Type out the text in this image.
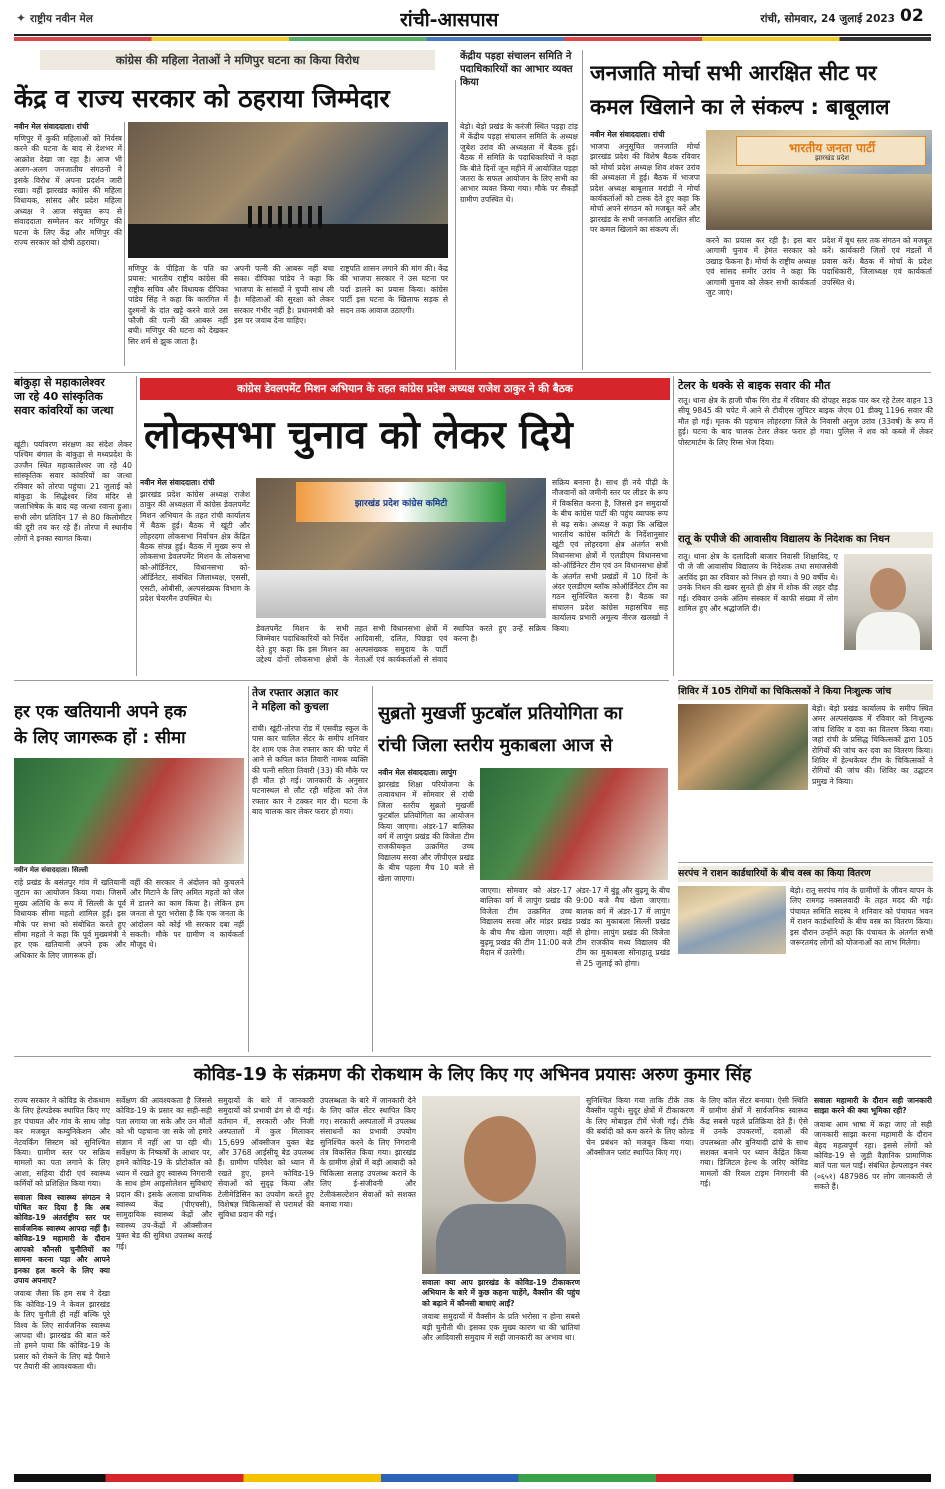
✦ राष्ट्रीय नवीन मेल	रांची-आसपास	रांची, सोमवार, 24 जुलाई 2023 02
कांग्रेस की महिला नेताओं ने मणिपुर घटना का किया विरोध
केंद्र व राज्य सरकार को ठहराया जिम्मेदार
नवीन मेल संवाददाता। रांची
मणिपुर में कुकी महिलाओं को निर्वस्त्र करने की घटना के बाद से देशभर में आक्रोश देखा जा रहा है। आज भी अलग-अलग जनजातीय संगठनों ने इसके विरोध में अपना प्रदर्शन जारी रखा। वहीं झारखंड कांग्रेस की महिला विधायक, सांसद और प्रदेश महिला अध्यक्ष ने आज संयुक्त रूप से संवाददाता सम्मेलन कर मणिपुर की घटना के लिए केंद्र और मणिपुर की राज्य सरकार को दोषी ठहराया।
मणिपुर के पीड़िता के पति का प्रयास: भारतीय राष्ट्रीय कांग्रेस की राष्ट्रीय सचिव और विधायक दीपिका पांडेय सिंह ने कहा कि कारगिल में दुश्मनों के दांत खट्टे करने वाले उस फौजी की पत्नी की आबरू नहीं बची। मणिपुर की घटना को देखकर सिर शर्म से झुक जाता है।
अपनी पत्नी की आबरू नहीं बचा सका। दीपिका पांडेय ने कहा कि भाजपा के सांसदों ने चुप्पी साध ली है। महिलाओं की सुरक्षा को लेकर सरकार गंभीर नहीं है। प्रधानमंत्री को इस पर जवाब देना चाहिए।
राष्ट्रपति शासन लगाने की मांग की। केंद्र की भाजपा सरकार ने उस घटना पर पर्दा डालने का प्रयास किया। कांग्रेस पार्टी इस घटना के खिलाफ सड़क से सदन तक आवाज उठाएगी।
केंद्रीय पड़हा संचालन समिति ने पदाधिकारियों का आभार व्यक्त किया
बेड़ो। बेड़ो प्रखंड के करंजी स्थित पड़हा टांड़ में केंद्रीय पड़हा संचालन समिति के अध्यक्ष जुबेश उरांव की अध्यक्षता में बैठक हुई। बैठक में समिति के पदाधिकारियों ने कहा कि बीते दिनों जून महीने में आयोजित पड़हा जतरा के सफल आयोजन के लिए सभी का आभार व्यक्त किया गया। मौके पर सैकड़ों ग्रामीण उपस्थित थे।
जनजाति मोर्चा सभी आरक्षित सीट पर
कमल खिलाने का ले संकल्प : बाबूलाल
नवीन मेल संवाददाता। रांची
भाजपा अनुसूचित जनजाति मोर्चा झारखंड प्रदेश की विशेष बैठक रविवार को मोर्चा प्रदेश अध्यक्ष शिव शंकर उरांव की अध्यक्षता में हुई। बैठक में भाजपा प्रदेश अध्यक्ष बाबूलाल मरांडी ने मोर्चा कार्यकर्ताओं को टास्क देते हुए कहा कि मोर्चा अपने संगठन को मजबूत करें और झारखंड के सभी जनजाति आरक्षित सीट पर कमल खिलाने का संकल्प लें।
भारतीय जनता पार्टी
झारखंड प्रदेश
करने का प्रयास कर रही है। इस बार आगामी चुनाव में हेमंत सरकार को उखाड़ फेंकना है। मोर्चा के राष्ट्रीय अध्यक्ष एवं सांसद समीर उरांव ने कहा कि आगामी चुनाव को लेकर सभी कार्यकर्ता जुट जाएं।
प्रदेश में बूथ स्तर तक संगठन को मजबूत करें। कार्यकारी जिलों एवं मंडलों में प्रवास करें। बैठक में मोर्चा के प्रदेश पदाधिकारी, जिलाध्यक्ष एवं कार्यकर्ता उपस्थित थे।
बांकुड़ा से महाकालेश्वर
जा रहे 40 सांस्कृतिक
सवार कांवरियों का जत्था
खूंटी। पर्यावरण संरक्षण का संदेश लेकर पश्चिम बंगाल के बांकुड़ा से मध्यप्रदेश के उज्जैन स्थित महाकालेश्वर जा रहे 40 सांस्कृतिक सवार कांवरियों का जत्था रविवार को तोरपा पहुंचा। 21 जुलाई को बांकुड़ा के सिद्धेश्वर शिव मंदिर से जलाभिषेक के बाद यह जत्था रवाना हुआ। सभी लोग प्रतिदिन 17 से 80 किलोमीटर की दूरी तय कर रहे हैं। तोरपा में स्थानीय लोगों ने इनका स्वागत किया।
कांग्रेस डेवलपमेंट मिशन अभियान के तहत कांग्रेस प्रदेश अध्यक्ष राजेश ठाकुर ने की बैठक
लोकसभा चुनाव को लेकर दिये
नवीन मेल संवाददाता। रांची
झारखंड प्रदेश कांग्रेस अध्यक्ष राजेश ठाकुर की अध्यक्षता में कांग्रेस डेवलपमेंट मिशन अभियान के तहत रांची कार्यालय में बैठक हुई। बैठक में खूंटी और लोहरदगा लोकसभा निर्वाचन क्षेत्र केंद्रित बैठक संपन्न हुई। बैठक में मुख्य रूप से लोकसभा डेवलपमेंट मिशन के लोकसभा को-ऑर्डिनेटर, विधानसभा को-ऑर्डिनेटर, संबंधित जिलाध्यक्ष, एससी, एसटी, ओबीसी, अल्पसंख्यक विभाग के प्रदेश चेयरमैन उपस्थित थे।
झारखंड प्रदेश कांग्रेस कमिटी
डेवलपमेंट मिशन के सभी जिम्मेवार पदाधिकारियों को निर्देश देते हुए कहा कि इस मिशन का उद्देश्य दोनों लोकसभा क्षेत्रों के तहत सभी विधानसभा क्षेत्रों में आदिवासी, दलित, पिछड़ा एवं अल्पसंख्यक समुदाय के पार्टी नेताओं एवं कार्यकर्ताओं से संवाद स्थापित करते हुए उन्हें सक्रिय करना है।
सक्रिय बनाना है। साथ ही नये पीढ़ी के नौजवानों को जमीनी स्तर पर लीडर के रूप में विकसित करना है, जिससे इन समुदायों के बीच कांग्रेस पार्टी की पहुंच व्यापक रूप से बढ़ सके। अध्यक्ष ने कहा कि अखिल भारतीय कांग्रेस कमिटी के निर्देशानुसार खूंटी एवं लोहरदगा क्षेत्र अंतर्गत सभी विधानसभा क्षेत्रों में एलडीएम विधानसभा को-ऑर्डिनेटर टीम एवं उन विधानसभा क्षेत्रों के अंतर्गत सभी प्रखंडों में 10 दिनों के अंदर एलडीएम ब्लॉक कोऑर्डिनेटर टीम का गठन सुनिश्चित करना है। बैठक का संचालन प्रदेश कांग्रेस महासचिव सह कार्यालय प्रभारी अमूल्य नीरज खलखो ने किया।
टेलर के धक्के से बाइक सवार की मौत
रातू। थाना क्षेत्र के हाजी चौक रिंग रोड में रविवार की दोपहर सड़क पार कर रहे टेलर वाहन 13 सीयू 9845 की चपेट में आने से टीवीएस जुपिटर बाइक जेएच 01 डीक्यू 1196 सवार की मौत हो गई। मृतक की पहचान लोहरदगा जिले के निवासी अनुज उरांव (33वर्ष) के रूप में हुई। घटना के बाद चालक टेलर लेकर फरार हो गया। पुलिस ने शव को कब्जे में लेकर पोस्टमार्टम के लिए रिम्स भेज दिया।
रातू के एपीजे की आवासीय विद्यालय के निदेशक का निधन
रातू। थाना क्षेत्र के दलादिली बाजार निवासी शिक्षाविद, ए पी जे जी आवासीय विद्यालय के निदेशक तथा समाजसेवी अरविंद झा का रविवार को निधन हो गया। वे 90 वर्षीय थे। उनके निधन की खबर सुनते ही क्षेत्र में शोक की लहर दौड़ गई। रविवार उनके अंतिम संस्कार में काफी संख्या में लोग शामिल हुए और श्रद्धांजलि दी।
शिविर में 105 रोगियों का चिकित्सकों ने किया निःशुल्क जांच
बेड़ो। बेड़ो प्रखंड कार्यालय के समीप स्थित अमर अल्पसंख्यक में रविवार को निःशुल्क जांच शिविर व दवा का वितरण किया गया। जहां रांची के प्रसिद्ध चिकित्सकों द्वारा 105 रोगियों की जांच कर दवा का वितरण किया। शिविर में हेल्थकेयर टीम के चिकित्सकों ने रोगियों की जांच की। शिविर का उद्घाटन प्रमुख ने किया।
सरपंच ने राशन कार्डधारियों के बीच वस्त्र का किया वितरण
बेड़ो। रातू सरपंच गांव के ग्रामीणों के जीवन यापन के लिए रामगढ़ नक्सलवादी के तहत मदद की गई। पंचायत समिति सदस्य ने शनिवार को पंचायत भवन में राशन कार्डधारियों के बीच वस्त्र का वितरण किया। इस दौरान उन्होंने कहा कि पंचायत के अंतर्गत सभी जरूरतमंद लोगों को योजनाओं का लाभ मिलेगा।
हर एक खतियानी अपने हक
के लिए जागरूक हों : सीमा
नवीन मेल संवाददाता। सिल्ली
राहे प्रखंड के बसंतपुर गांव में खतियानी जुटान का आयोजन किया गया। जिसमें मुख्य अतिथि के रूप में सिल्ली के पूर्व विधायक सीमा महतो शामिल हुईं। इस मौके पर सभा को संबोधित करते हुए सीमा महतो ने कहा कि पूर्व मुख्यमंत्री ने हर एक खतियानी अपने हक और अधिकार के लिए जागरूक हों।
वहीं की सरकार ने अंदोलन को कुचलने और मिटाने के लिए अमित महतो को जेल में डालने का काम किया है। लेकिन हम जनता से पूरा भरोसा है कि एक जनता के आंदोलन को कोई भी सरकार दबा नहीं सकती। मौके पर ग्रामीण व कार्यकर्ता मौजूद थे।
तेज रफ्तार अज्ञात कार
ने महिला को कुचला
रांची। खूंटी-तोरपा रोड में एसवीड़ स्कूल के पास कार चालित सेंटर के समीप शनिवार देर शाम एक तेज रफ्तार कार की चपेट में आने से कपिल कांत तिवारी नामक व्यक्ति की पत्नी सरिता तिवारी (33) की मौके पर ही मौत हो गई। जानकारी के अनुसार घटनास्थल से लौट रही महिला को तेज रफ्तार कार ने टक्कर मार दी। घटना के बाद चालक कार लेकर फरार हो गया।
सुब्रतो मुखर्जी फुटबॉल प्रतियोगिता का
रांची जिला स्तरीय मुकाबला आज से
नवीन मेल संवाददाता। लापुंग
झारखंड शिक्षा परियोजना के तत्वावधान में सोमवार से रांची जिला स्तरीय सुब्रतो मुखर्जी फुटबॉल प्रतियोगिता का आयोजन किया जाएगा। अंडर-17 बालिका वर्ग में लापुंग प्रखंड की विजेता टीम राजकीयकृत उत्क्रमित उच्च विद्यालय सरवा और जीपीएल प्रखंड के बीच पहला मैच 10 बजे से खेला जाएगा।
जाएगा। सोमवार को अंडर-17 बालिका वर्ग में लापुंग प्रखंड की विजेता टीम उत्क्रमित उच्च विद्यालय सरवा और मांडर प्रखंड के बीच मैच खेला जाएगा। वहीं बुढ़मू प्रखंड की टीम 11:00 बजे मैदान में उतरेगी।
अंडर-17 में बुंडू और बुढ़मू के बीच 9:00 बजे मैच खेला जाएगा। बालक वर्ग में अंडर-17 में लापुंग प्रखंड का मुकाबला सिल्ली प्रखंड से होगा। लापुंग प्रखंड की विजेता टीम राजकीय मध्य विद्यालय की टीम का मुकाबला सोनाहातू प्रखंड से 25 जुलाई को होगा।
कोविड-19 के संक्रमण की रोकथाम के लिए किए गए अभिनव प्रयासः अरुण कुमार सिंह
राज्य सरकार ने कोविड के रोकथाम के लिए हेल्पडेस्क स्थापित किए गए हर पंचायत और गांव के साथ जोड़ कर मजबूत कम्युनिकेशन और नेटवर्किंग सिस्टम को सुनिश्चित किया। ग्रामीण स्तर पर सक्रिय मामलों का पता लगाने के लिए आशा, सहिया दीदी एवं स्वास्थ्य कर्मियों को प्रशिक्षित किया गया।
सवालः विश्व स्वास्थ्य संगठन ने घोषित कर दिया है कि अब कोविड-19 अंतर्राष्ट्रीय स्तर पर सार्वजनिक स्वास्थ्य आपदा नहीं है। कोविड-19 महामारी के दौरान आपको कौनसी चुनौतियों का सामना करना पड़ा और आपने इनका हल करने के लिए क्या उपाय अपनाए?
जवाबः जैसा कि हम सब ने देखा कि कोविड-19 ने केवल झारखंड के लिए चुनौती ही नहीं बल्कि पूरे विश्व के लिए सार्वजनिक स्वास्थ्य आपदा थी। झारखंड की बात करें तो हमने पाया कि कोविड-19 के प्रसार को रोकने के लिए बड़े पैमाने पर तैयारी की आवश्यकता थी।
सर्वेक्षण की आवश्यकता है जिससे कोविड-19 के प्रसार का सही-सही पता लगाया जा सके और उन मौतों को भी पहचाना जा सके जो हमारे संज्ञान में नहीं आ पा रही थी। सर्वेक्षण के निष्कर्षों के आधार पर, हमने कोविड-19 के प्रोटोकॉल को ध्यान में रखते हुए स्वास्थ्य निगरानी के साथ होम आइसोलेशन सुविधाएं प्रदान की। इसके अलावा प्राथमिक स्वास्थ्य केंद्र (पीएचसी), सामुदायिक स्वास्थ्य केंद्रों और स्वास्थ्य उप-केंद्रों में ऑक्सीजन युक्त बेड की सुविधा उपलब्ध कराई गई।
समुदायों के बारे में जानकारी समुदायों को प्रभावी ढंग से दी गई। वर्तमान में, सरकारी और निजी अस्पतालों में कुल मिलाकर 15,699 ऑक्सीजन युक्त बेड और 3768 आईसीयू बेड उपलब्ध हैं। ग्रामीण परिवेश को ध्यान में रखते हुए, हमने कोविड-19 सेवाओं को सुदृढ़ किया और टेलीमेडिसिन का उपयोग करते हुए विशेषज्ञ चिकित्सकों से परामर्श की सुविधा प्रदान की गई।
उपलब्धता के बारे में जानकारी देने के लिए कॉल सेंटर स्थापित किए गए। सरकारी अस्पतालों में उपलब्ध संसाधनों का प्रभावी उपयोग सुनिश्चित करने के लिए निगरानी तंत्र विकसित किया गया। झारखंड के ग्रामीण क्षेत्रों में बड़ी आबादी को चिकित्सा सलाह उपलब्ध कराने के लिए ई-संजीवनी और टेलीकंसल्टेशन सेवाओं को सशक्त बनाया गया।
सवालः क्या आप झारखंड के कोविड-19 टीकाकरण अभियान के बारे में कुछ कहना चाहेंगे, वैक्सीन की पहुंच को बढ़ाने में कौनसी बाधाएं आईं?
जवाबः समुदायों में वैक्सीन के प्रति भरोसा न होना सबसे बड़ी चुनौती थी। इसका एक मुख्य कारण था की भ्रांतियां और आदिवासी समुदाय में सही जानकारी का अभाव था।
सुनिश्चित किया गया ताकि टीके तक वैक्सीन पहुंचे। सुदूर क्षेत्रों में टीकाकरण के लिए मोबाइल टीमें भेजी गईं। टीके की बर्बादी को कम करने के लिए कोल्ड चेन प्रबंधन को मजबूत किया गया। ऑक्सीजन प्लांट स्थापित किए गए।
के लिए कॉल सेंटर बनाया। ऐसी स्थिति में ग्रामीण क्षेत्रों में सार्वजनिक स्वास्थ्य केंद्र सबसे पहले प्रतिक्रिया देते हैं। ऐसे में उनके उपकरणों, दवाओं की उपलब्धता और बुनियादी ढांचे के साथ सशक्त बनाने पर ध्यान केंद्रित किया गया। डिजिटल हेल्थ के जरिए कोविड मामलों की रियल टाइम निगरानी की गई।
सवालः महामारी के दौरान सही जानकारी साझा करने की क्या भूमिका रही?
जवाबः आम भाषा में कहा जाए तो सही जानकारी साझा करना महामारी के दौरान बेहद महत्वपूर्ण रहा। इससे लोगों को कोविड-19 से जुड़ी वैज्ञानिक प्रामाणिक बातें पता चल पाईं। संबंधित हेल्पलाइन नंबर (०६५१) 487986 पर लोग जानकारी ले सकते हैं।
